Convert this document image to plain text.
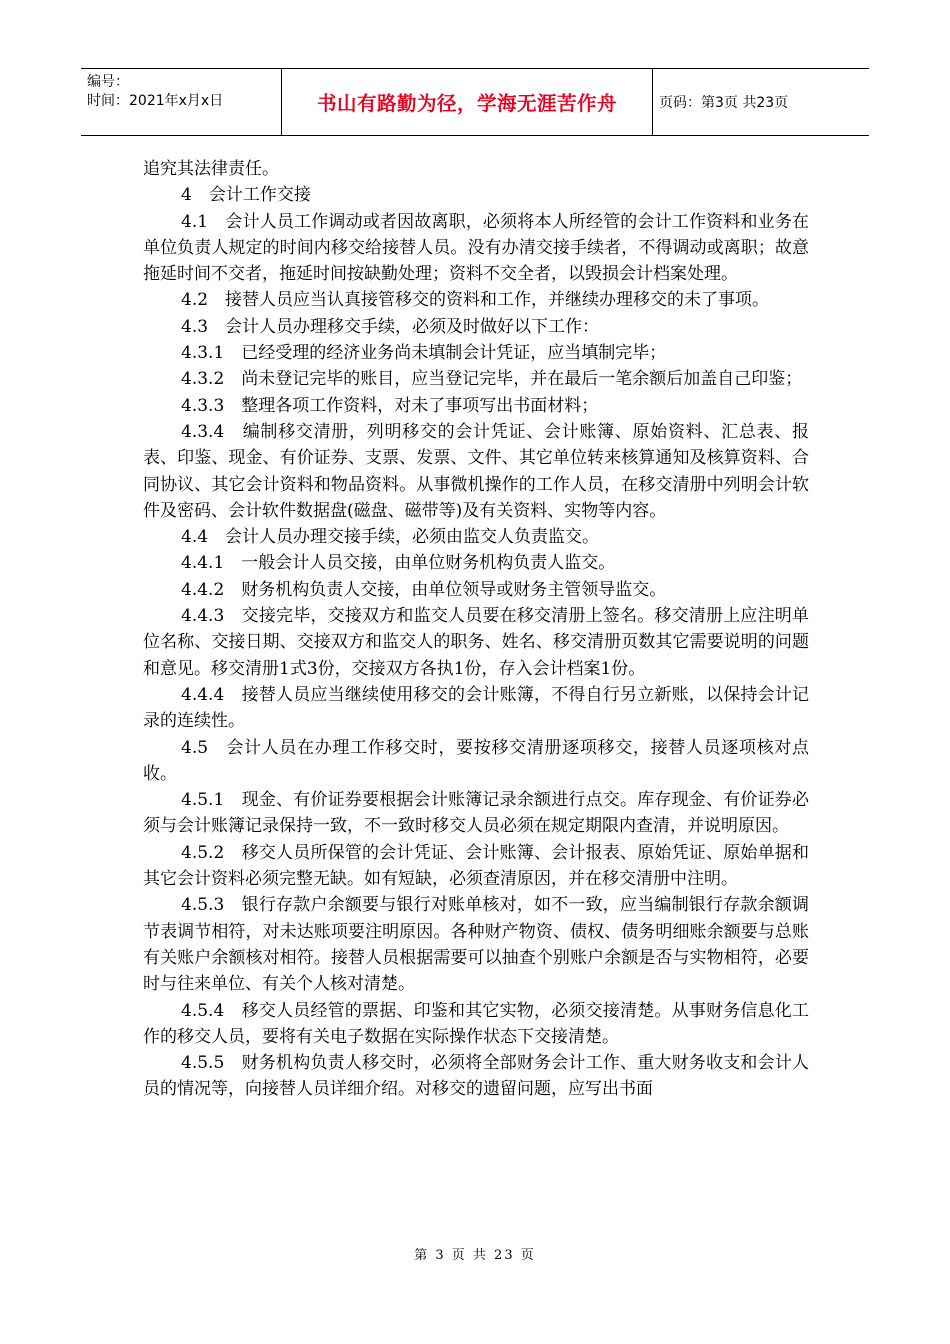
编号：
时间：2021年x月x日	书山有路勤为径，学海无涯苦作舟	页码：第3页 共23页

追究其法律责任。

4　会计工作交接

4.1　会计人员工作调动或者因故离职，必须将本人所经管的会计工作资料和业务在单位负责人规定的时间内移交给接替人员。没有办清交接手续者，不得调动或离职；故意拖延时间不交者，拖延时间按缺勤处理；资料不交全者，以毁损会计档案处理。

4.2　接替人员应当认真接管移交的资料和工作，并继续办理移交的未了事项。

4.3　会计人员办理移交手续，必须及时做好以下工作：

4.3.1　已经受理的经济业务尚未填制会计凭证，应当填制完毕；

4.3.2　尚未登记完毕的账目，应当登记完毕，并在最后一笔余额后加盖自己印鉴；

4.3.3　整理各项工作资料，对未了事项写出书面材料；

4.3.4　编制移交清册，列明移交的会计凭证、会计账簿、原始资料、汇总表、报表、印鉴、现金、有价证券、支票、发票、文件、其它单位转来核算通知及核算资料、合同协议、其它会计资料和物品资料。从事微机操作的工作人员，在移交清册中列明会计软件及密码、会计软件数据盘(磁盘、磁带等)及有关资料、实物等内容。

4.4　会计人员办理交接手续，必须由监交人负责监交。

4.4.1　一般会计人员交接，由单位财务机构负责人监交。

4.4.2　财务机构负责人交接，由单位领导或财务主管领导监交。

4.4.3　交接完毕，交接双方和监交人员要在移交清册上签名。移交清册上应注明单位名称、交接日期、交接双方和监交人的职务、姓名、移交清册页数其它需要说明的问题和意见。移交清册1式3份，交接双方各执1份，存入会计档案1份。

4.4.4　接替人员应当继续使用移交的会计账簿，不得自行另立新账，以保持会计记录的连续性。

4.5　会计人员在办理工作移交时，要按移交清册逐项移交，接替人员逐项核对点收。

4.5.1　现金、有价证券要根据会计账簿记录余额进行点交。库存现金、有价证券必须与会计账簿记录保持一致，不一致时移交人员必须在规定期限内查清，并说明原因。

4.5.2　移交人员所保管的会计凭证、会计账簿、会计报表、原始凭证、原始单据和其它会计资料必须完整无缺。如有短缺，必须查清原因，并在移交清册中注明。

4.5.3　银行存款户余额要与银行对账单核对，如不一致，应当编制银行存款余额调节表调节相符，对未达账项要注明原因。各种财产物资、债权、债务明细账余额要与总账有关账户余额核对相符。接替人员根据需要可以抽查个别账户余额是否与实物相符，必要时与往来单位、有关个人核对清楚。

4.5.4　移交人员经管的票据、印鉴和其它实物，必须交接清楚。从事财务信息化工作的移交人员，要将有关电子数据在实际操作状态下交接清楚。

4.5.5　财务机构负责人移交时，必须将全部财务会计工作、重大财务收支和会计人员的情况等，向接替人员详细介绍。对移交的遗留问题，应写出书面

第 3 页 共 23 页
